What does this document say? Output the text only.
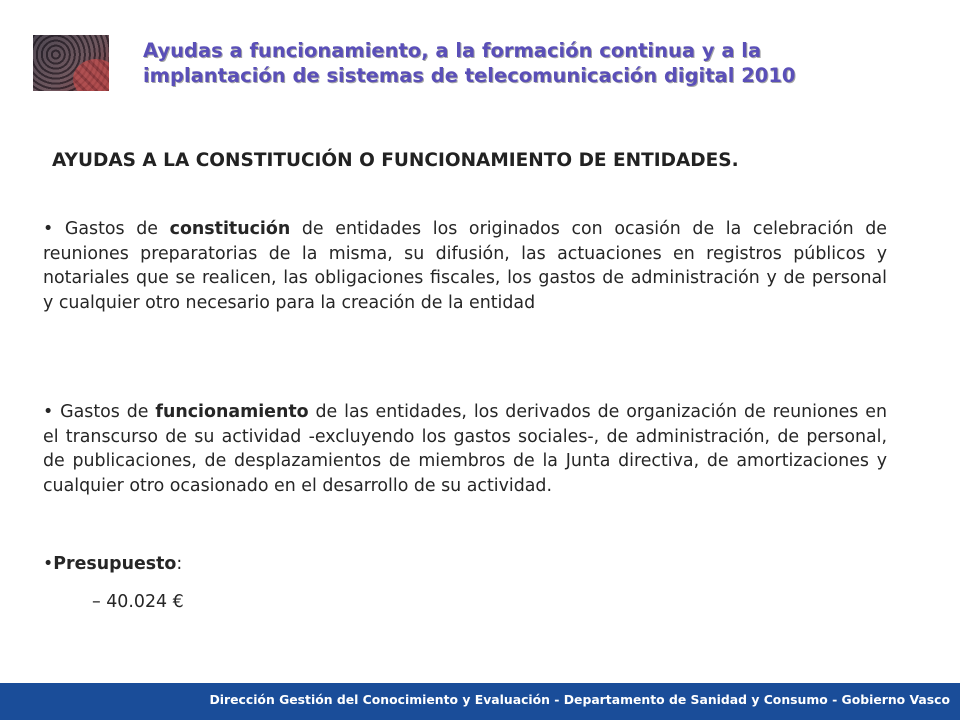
Ayudas a funcionamiento, a la formación continua y a la
implantación de sistemas de telecomunicación digital 2010
AYUDAS A LA CONSTITUCIÓN O FUNCIONAMIENTO DE ENTIDADES.

• Gastos de constitución de entidades los originados con ocasión de la celebración de reuniones preparatorias de la misma, su difusión, las actuaciones en registros públicos y notariales que se realicen, las obligaciones fiscales, los gastos de administración y de personal y cualquier otro necesario para la creación de la entidad

• Gastos de funcionamiento de las entidades, los derivados de organización de reuniones en el transcurso de su actividad -excluyendo los gastos sociales-, de administración, de personal, de publicaciones, de desplazamientos de miembros de la Junta directiva, de amortizaciones y cualquier otro ocasionado en el desarrollo de su actividad.

•Presupuesto:

– 40.024 €

Dirección Gestión del Conocimiento y Evaluación - Departamento de Sanidad y Consumo - Gobierno Vasco
